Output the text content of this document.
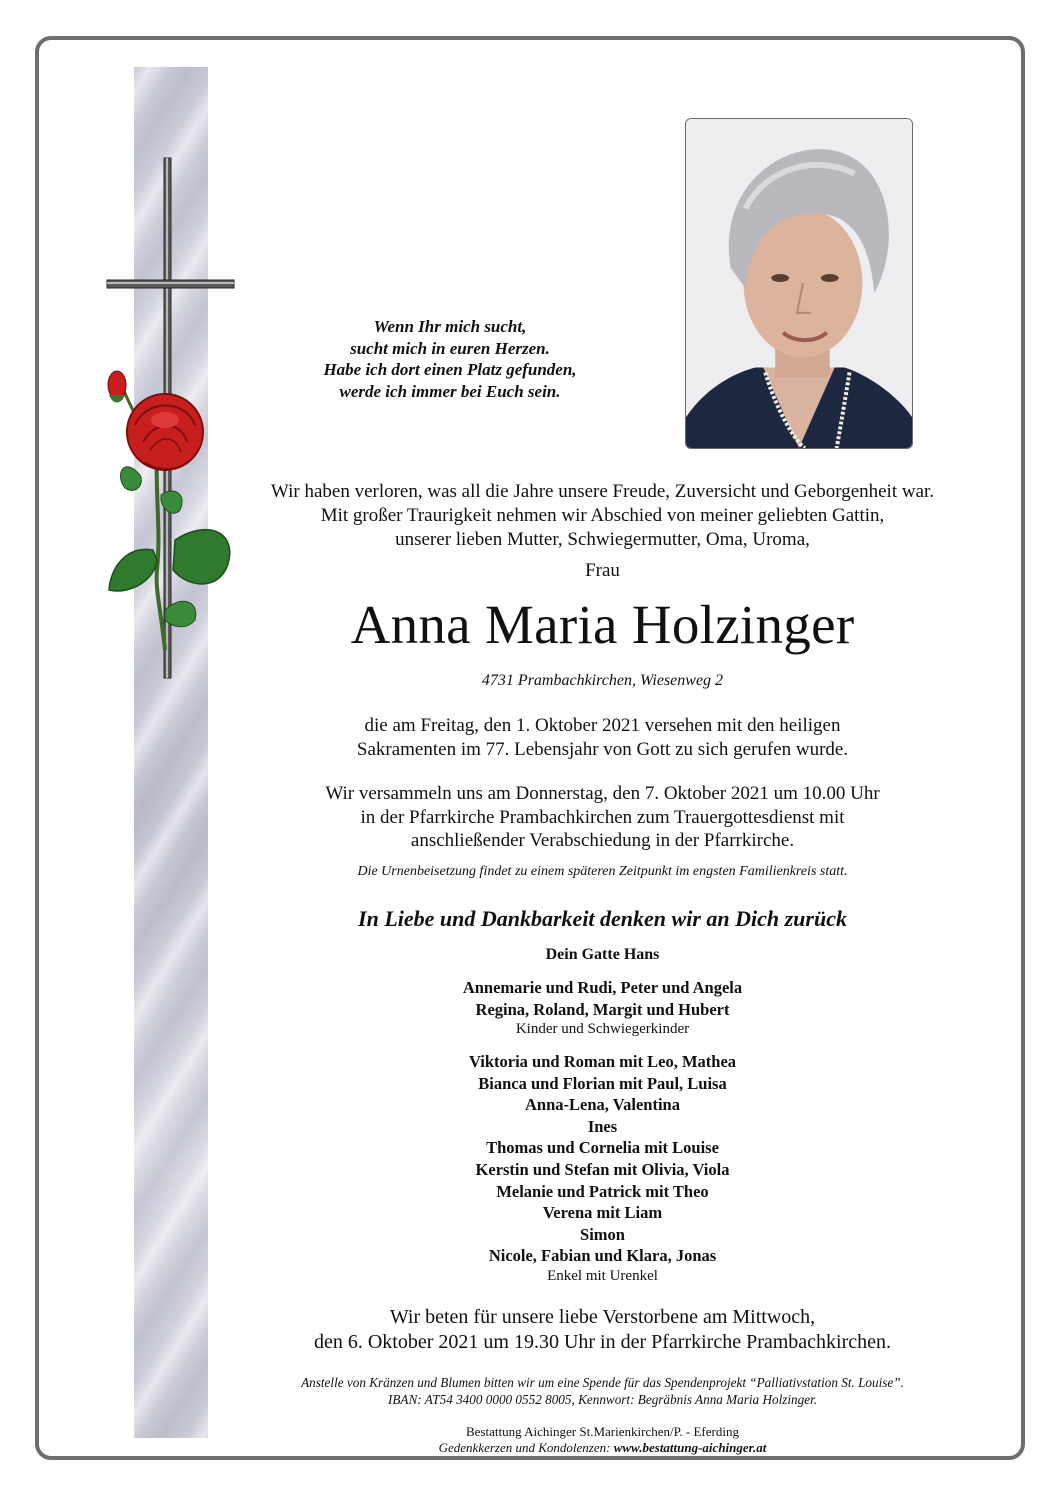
Wenn Ihr mich sucht,
sucht mich in euren Herzen.
Habe ich dort einen Platz gefunden,
werde ich immer bei Euch sein.
Wir haben verloren, was all die Jahre unsere Freude, Zuversicht und Geborgenheit war.
Mit großer Traurigkeit nehmen wir Abschied von meiner geliebten Gattin,
unserer lieben Mutter, Schwiegermutter, Oma, Uroma,
Frau
Anna Maria Holzinger
4731 Prambachkirchen, Wiesenweg 2
die am Freitag, den 1. Oktober 2021 versehen mit den heiligen
Sakramenten im 77. Lebensjahr von Gott zu sich gerufen wurde.
Wir versammeln uns am Donnerstag, den 7. Oktober 2021 um 10.00 Uhr
in der Pfarrkirche Prambachkirchen zum Trauergottesdienst mit
anschließender Verabschiedung in der Pfarrkirche.
Die Urnenbeisetzung findet zu einem späteren Zeitpunkt im engsten Familienkreis statt.
In Liebe und Dankbarkeit denken wir an Dich zurück
Dein Gatte Hans
Annemarie und Rudi, Peter und Angela
Regina, Roland, Margit und Hubert
Kinder und Schwiegerkinder
Viktoria und Roman mit Leo, Mathea
Bianca und Florian mit Paul, Luisa
Anna-Lena, Valentina
Ines
Thomas und Cornelia mit Louise
Kerstin und Stefan mit Olivia, Viola
Melanie und Patrick mit Theo
Verena mit Liam
Simon
Nicole, Fabian und Klara, Jonas
Enkel mit Urenkel
Wir beten für unsere liebe Verstorbene am Mittwoch,
den 6. Oktober 2021 um 19.30 Uhr in der Pfarrkirche Prambachkirchen.
Anstelle von Kränzen und Blumen bitten wir um eine Spende für das Spendenprojekt “Palliativstation St. Louise”.
IBAN: AT54 3400 0000 0552 8005, Kennwort: Begräbnis Anna Maria Holzinger.
Bestattung Aichinger St.Marienkirchen/P. - Eferding
Gedenkkerzen und Kondolenzen: www.bestattung-aichinger.at
